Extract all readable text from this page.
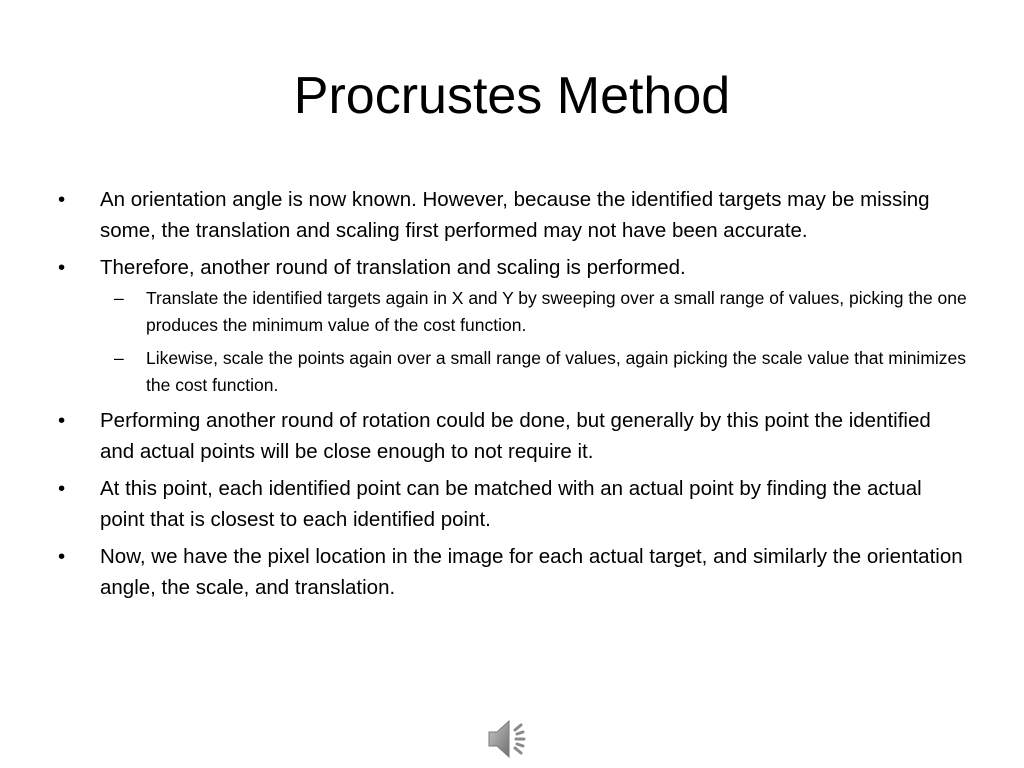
Procrustes Method
•	An orientation angle is now known. However, because the identified targets may be missing some, the translation and scaling first performed may not have been accurate.
•	Therefore, another round of translation and scaling is performed.
– Translate the identified targets again in X and Y by sweeping over a small range of values, picking the one produces the minimum value of the cost function.
– Likewise, scale the points again over a small range of values, again picking the scale value that minimizes the cost function.
•	Performing another round of rotation could be done, but generally by this point the identified and actual points will be close enough to not require it.
•	At this point, each identified point can be matched with an actual point by finding the actual point that is closest to each identified point.
•	Now, we have the pixel location in the image for each actual target, and similarly the orientation angle, the scale, and translation.
